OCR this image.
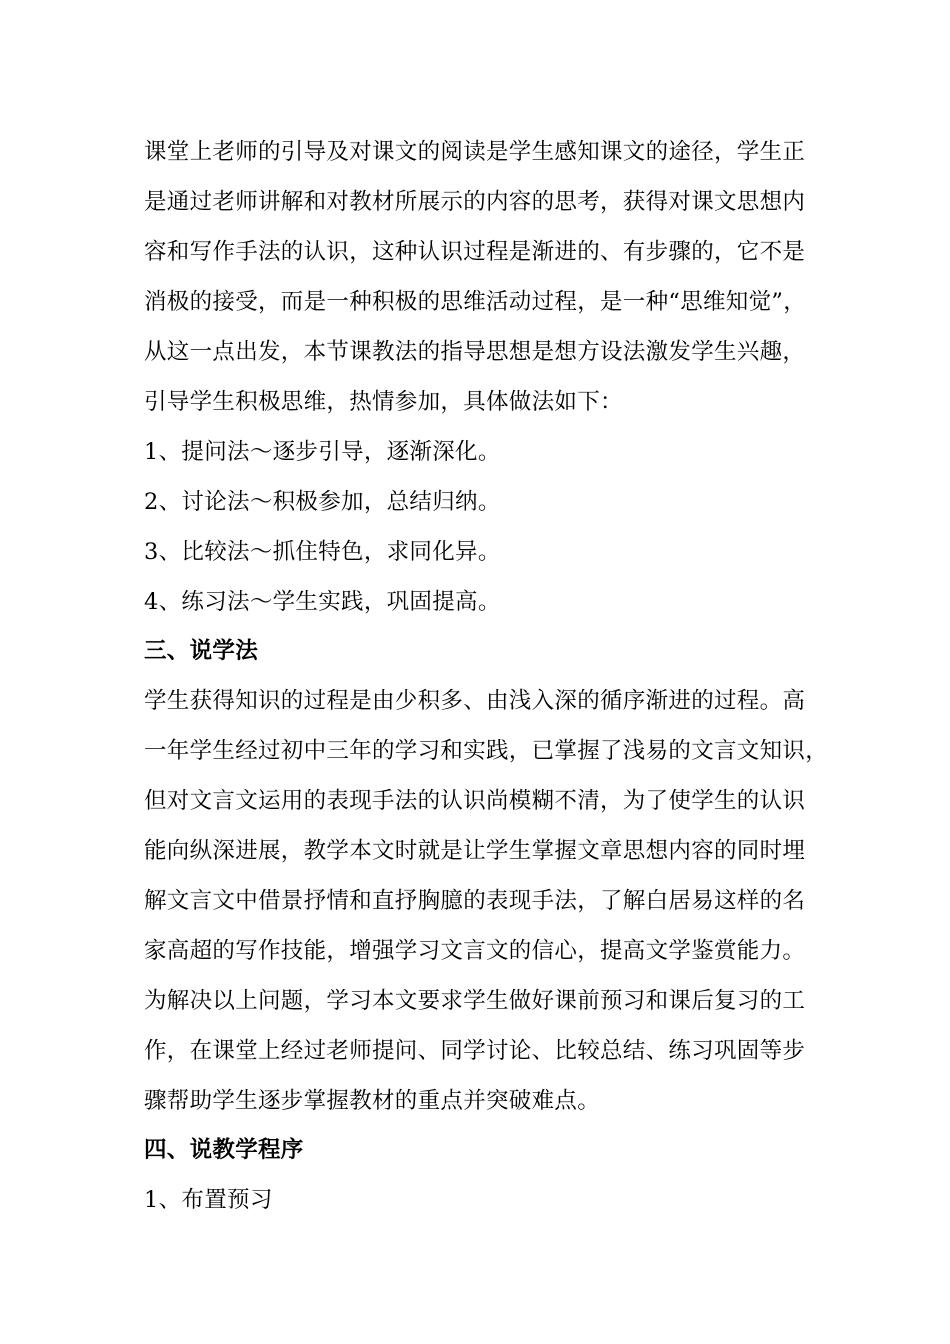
课堂上老师的引导及对课文的阅读是学生感知课文的途径，学生正
是通过老师讲解和对教材所展示的内容的思考，获得对课文思想内
容和写作手法的认识，这种认识过程是渐进的、有步骤的，它不是
消极的接受，而是一种积极的思维活动过程，是一种“思维知觉”，
从这一点出发，本节课教法的指导思想是想方设法激发学生兴趣，
引导学生积极思维，热情参加，具体做法如下：
1、提问法～逐步引导，逐渐深化。
2、讨论法～积极参加，总结归纳。
3、比较法～抓住特色，求同化异。
4、练习法～学生实践，巩固提高。
三、说学法
学生获得知识的过程是由少积多、由浅入深的循序渐进的过程。高
一年学生经过初中三年的学习和实践，已掌握了浅易的文言文知识，
但对文言文运用的表现手法的认识尚模糊不清，为了使学生的认识
能向纵深进展，教学本文时就是让学生掌握文章思想内容的同时埋
解文言文中借景抒情和直抒胸臆的表现手法，了解白居易这样的名
家高超的写作技能，增强学习文言文的信心，提高文学鉴赏能力。
为解决以上问题，学习本文要求学生做好课前预习和课后复习的工
作，在课堂上经过老师提问、同学讨论、比较总结、练习巩固等步
骤帮助学生逐步掌握教材的重点并突破难点。
四、说教学程序
1、布置预习
